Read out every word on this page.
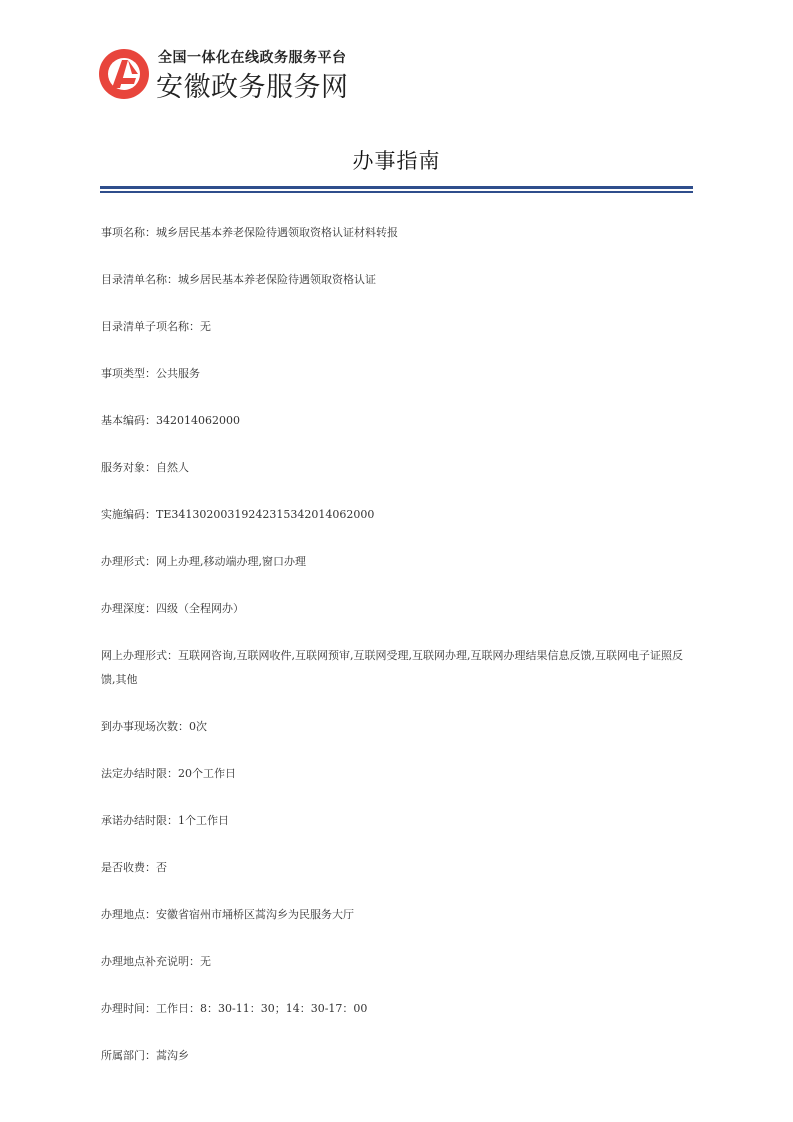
全国一体化在线政务服务平台
安徽政务服务网
办事指南
事项名称：城乡居民基本养老保险待遇领取资格认证材料转报
目录清单名称：城乡居民基本养老保险待遇领取资格认证
目录清单子项名称：无
事项类型：公共服务
基本编码：342014062000
服务对象：自然人
实施编码：TE341302003192423153420140620​00
办理形式：网上办理,移动端办理,窗口办理
办理深度：四级（全程网办）
网上办理形式：互联网咨询,互联网收件,互联网预审,互联网受理,互联网办理,互联网办理结果信息反馈,互联网电子证照反馈,其他
到办事现场次数：0次
法定办结时限：20个工作日
承诺办结时限：1个工作日
是否收费：否
办理地点：安徽省宿州市埇桥区蒿沟乡为民服务大厅
办理地点补充说明：无
办理时间：工作日：8：30-11：30；14：30-17：00
所属部门：蒿沟乡
